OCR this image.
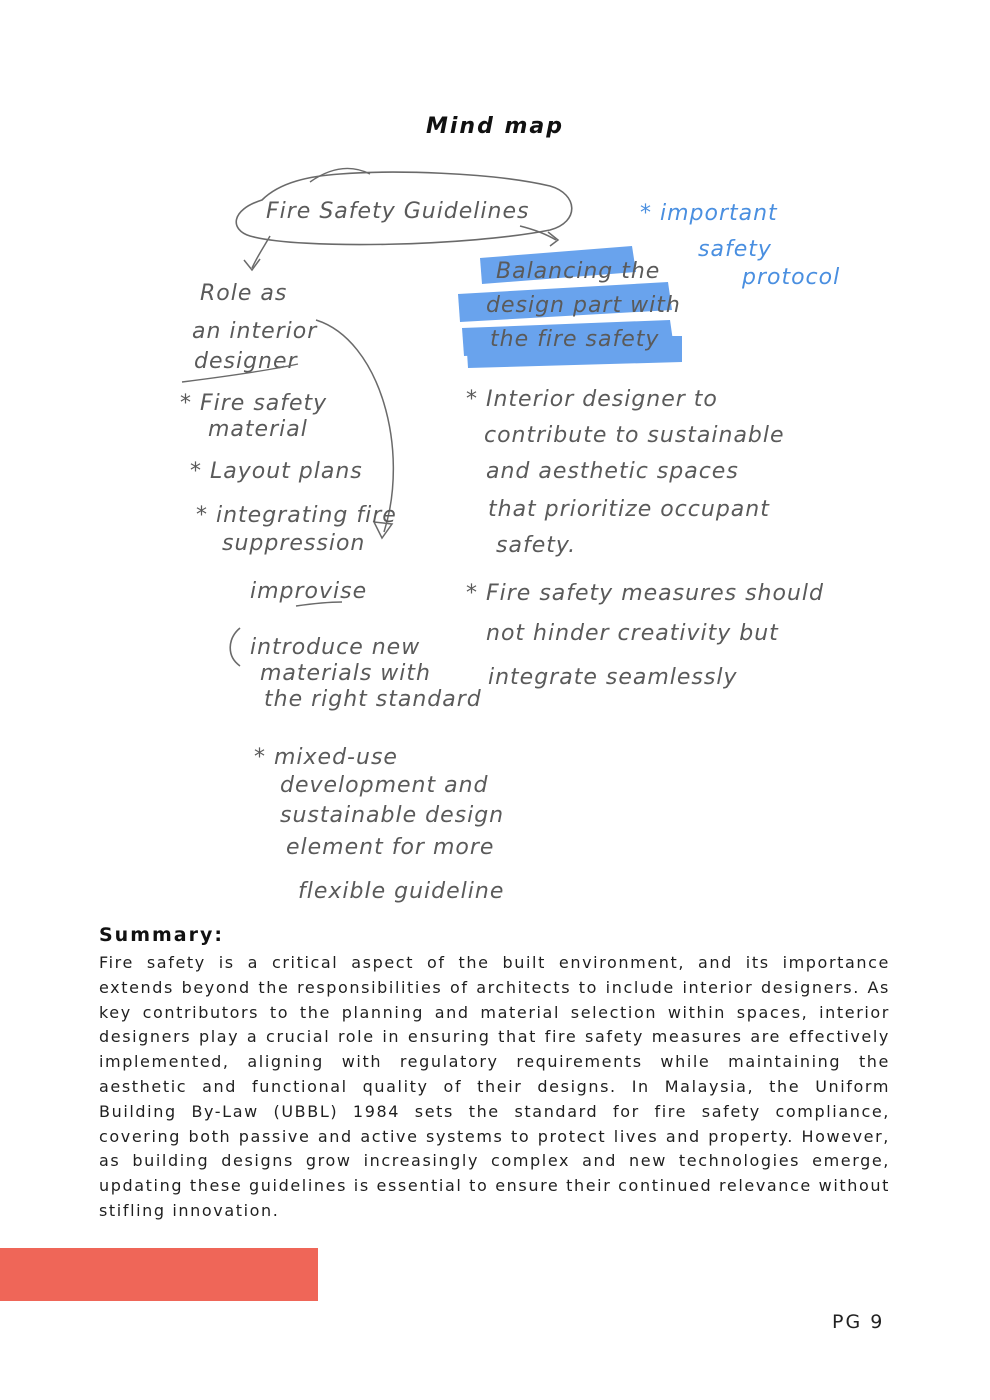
Mind map
Fire Safety Guidelines
Role as
an interior
designer
* Fire safety
material
* Layout plans
* integrating fire
suppression
improvise
introduce new
materials with
the right standard
* mixed-use
development and
sustainable design
element for more
flexible guideline
Balancing the
design part with
the fire safety
* important
safety
protocol
* Interior designer to
contribute to sustainable
and aesthetic spaces
that prioritize occupant
safety.
* Fire safety measures should
not hinder creativity but
integrate seamlessly
Summary:

Fire safety is a critical aspect of the built environment, and its importance extends beyond the responsibilities of architects to include interior designers. As key contributors to the planning and material selection within spaces, interior designers play a crucial role in ensuring that fire safety measures are effectively implemented, aligning with regulatory requirements while maintaining the aesthetic and functional quality of their designs. In Malaysia, the Uniform Building By-Law (UBBL) 1984 sets the standard for fire safety compliance, covering both passive and active systems to protect lives and property. However, as building designs grow increasingly complex and new technologies emerge, updating these guidelines is essential to ensure their continued relevance without stifling innovation.

PG 9
